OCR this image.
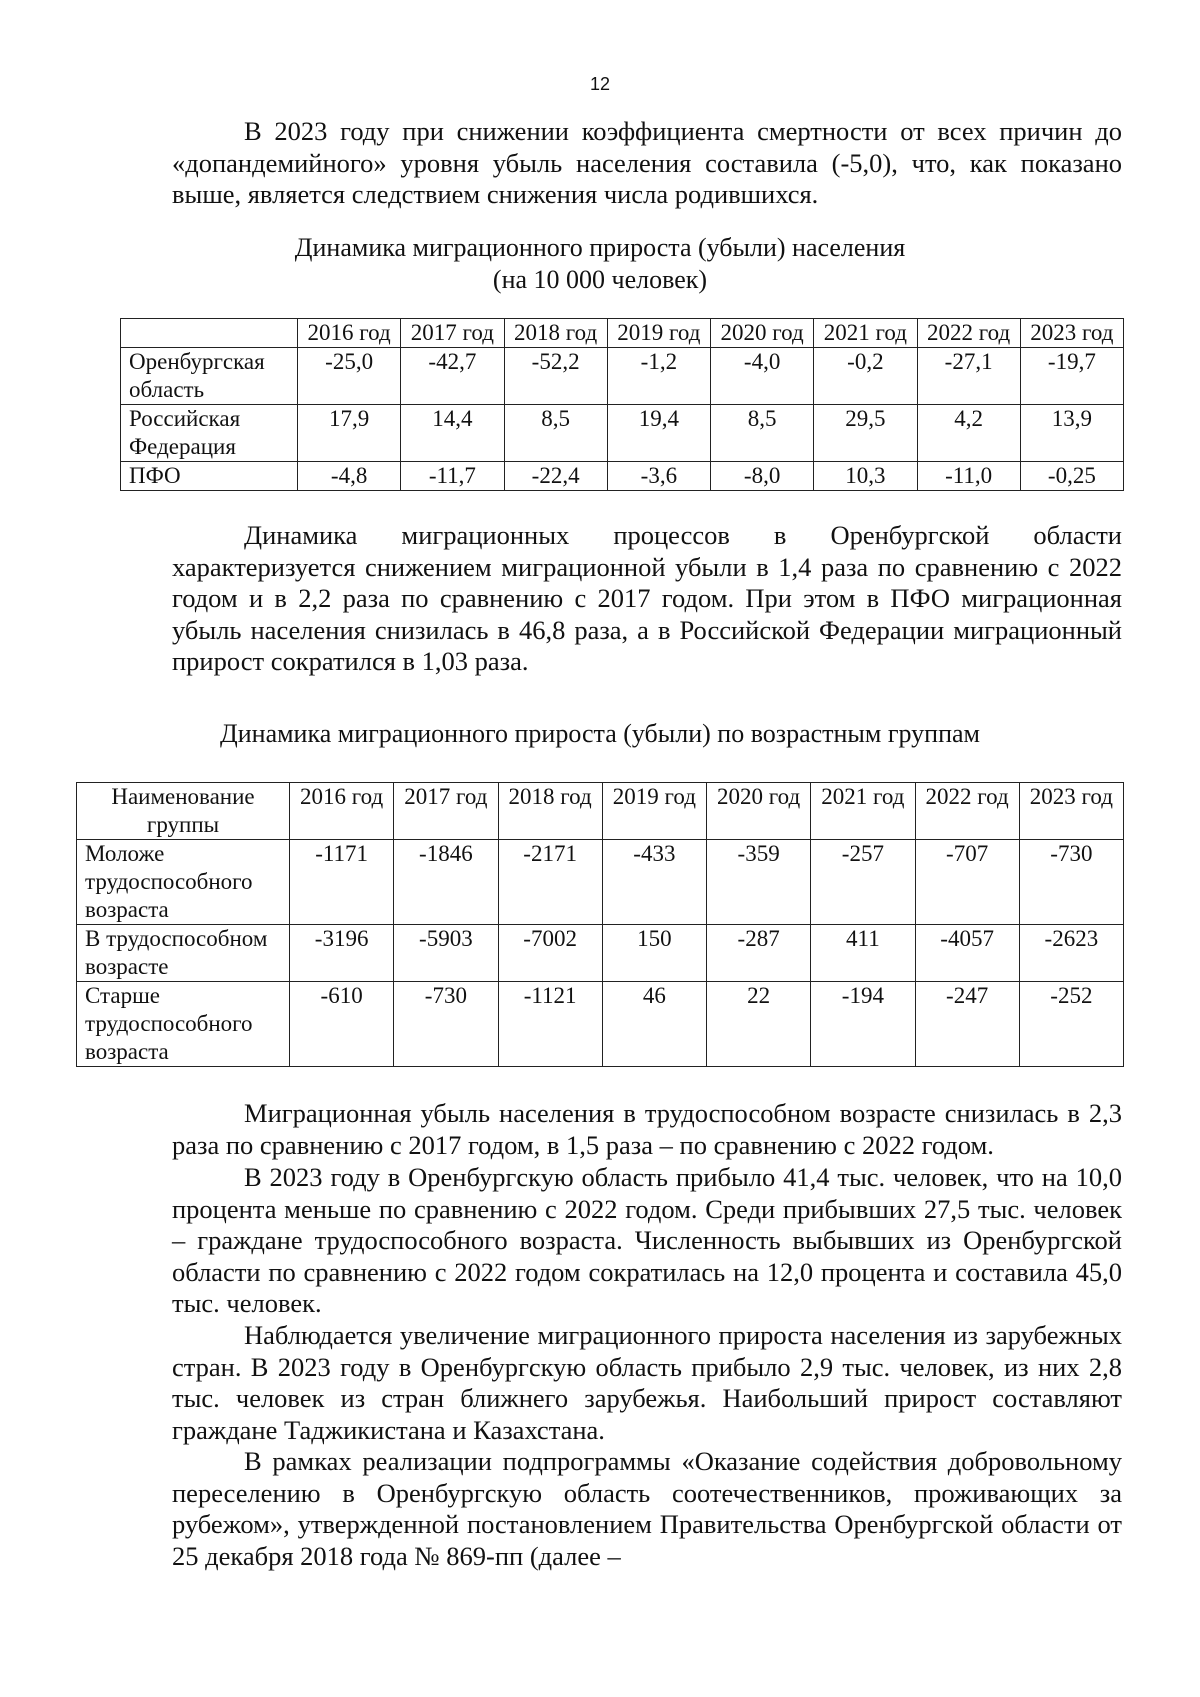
12

В 2023 году при снижении коэффициента смертности от всех причин до «допандемийного» уровня убыль населения составила (-5,0), что, как показано выше, является следствием снижения числа родившихся.

Динамика миграционного прироста (убыли) населения
(на 10 000 человек)
	2016 год	2017 год	2018 год	2019 год	2020 год	2021 год	2022 год	2023 год
Оренбургская область	-25,0	-42,7	-52,2	-1,2	-4,0	-0,2	-27,1	-19,7
Российская Федерация	17,9	14,4	8,5	19,4	8,5	29,5	4,2	13,9
ПФО	-4,8	-11,7	-22,4	-3,6	-8,0	10,3	-11,0	-0,25

Динамика миграционных процессов в Оренбургской области характеризуется снижением миграционной убыли в 1,4 раза по сравнению с 2022 годом и в 2,2 раза по сравнению с 2017 годом. При этом в ПФО миграционная убыль населения снизилась в 46,8 раза, а в Российской Федерации миграционный прирост сократился в 1,03 раза.

Динамика миграционного прироста (убыли) по возрастным группам
Наименование группы	2016 год	2017 год	2018 год	2019 год	2020 год	2021 год	2022 год	2023 год
Моложе трудоспособного возраста	-1171	-1846	-2171	-433	-359	-257	-707	-730
В трудоспособном возрасте	-3196	-5903	-7002	150	-287	411	-4057	-2623
Старше трудоспособного возраста	-610	-730	-1121	46	22	-194	-247	-252

Миграционная убыль населения в трудоспособном возрасте снизилась в 2,3 раза по сравнению с 2017 годом, в 1,5 раза – по сравнению с 2022 годом.

В 2023 году в Оренбургскую область прибыло 41,4 тыс. человек, что на 10,0 процента меньше по сравнению с 2022 годом. Среди прибывших 27,5 тыс. человек – граждане трудоспособного возраста. Численность выбывших из Оренбургской области по сравнению с 2022 годом сократилась на 12,0 процента и составила 45,0 тыс. человек.

Наблюдается увеличение миграционного прироста населения из зарубежных стран. В 2023 году в Оренбургскую область прибыло 2,9 тыс. человек, из них 2,8 тыс. человек из стран ближнего зарубежья. Наибольший прирост составляют граждане Таджикистана и Казахстана.

В рамках реализации подпрограммы «Оказание содействия добровольному переселению в Оренбургскую область соотечественников, проживающих за рубежом», утвержденной постановлением Правительства Оренбургской области от 25 декабря 2018 года № 869-пп (далее –
